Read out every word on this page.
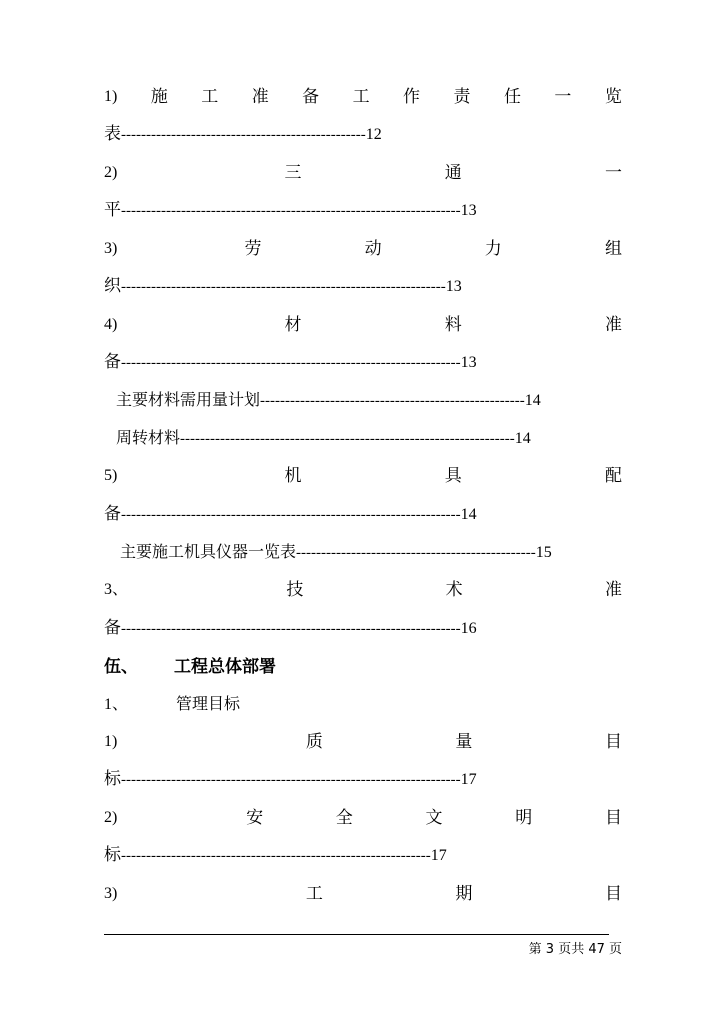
1) 施 工 准 备 工 作 责 任 一 览
表-------------------------------------------------12
2)	三	通	一
平--------------------------------------------------------------------13
3)	劳	动	力	组
织-----------------------------------------------------------------13
4)	材	料	准
备--------------------------------------------------------------------13
主要材料需用量计划-----------------------------------------------------14
周转材料-------------------------------------------------------------------14
5)	机	具	配
备--------------------------------------------------------------------14
主要施工机具仪器一览表------------------------------------------------15
3、	技	术	准
备--------------------------------------------------------------------16
伍、 工程总体部署
1、	管理目标
1)	质	量	目
标--------------------------------------------------------------------17
2)	安	全	文	明	目
标--------------------------------------------------------------17
3)	工	期	目
第 3 页共 47 页
